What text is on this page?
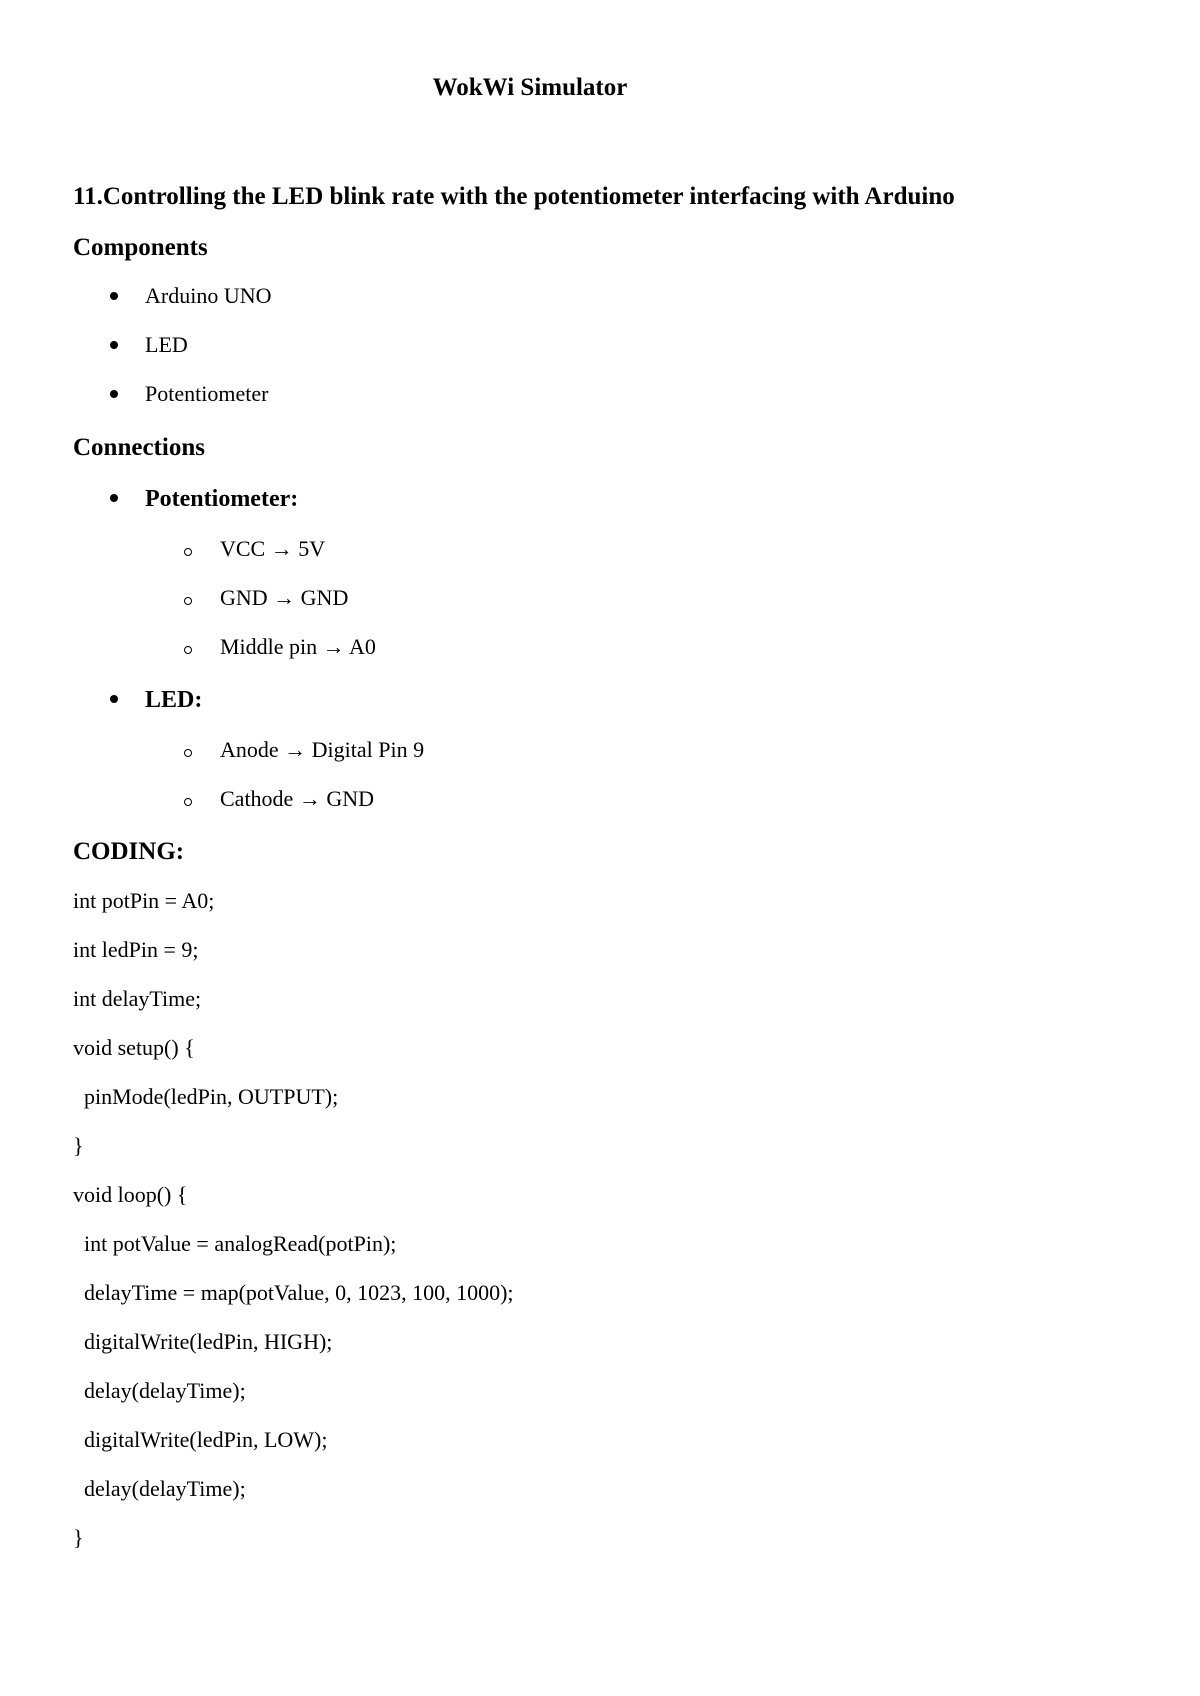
WokWi Simulator
11.Controlling the LED blink rate with the potentiometer interfacing with Arduino
Components
Arduino UNO
LED
Potentiometer
Connections
Potentiometer:
VCC → 5V
GND → GND
Middle pin → A0
LED:
Anode → Digital Pin 9
Cathode → GND
CODING:
int potPin = A0;
int ledPin = 9;
int delayTime;
void setup() {
pinMode(ledPin, OUTPUT);
}
void loop() {
int potValue = analogRead(potPin);
delayTime = map(potValue, 0, 1023, 100, 1000);
digitalWrite(ledPin, HIGH);
delay(delayTime);
digitalWrite(ledPin, LOW);
delay(delayTime);
}
